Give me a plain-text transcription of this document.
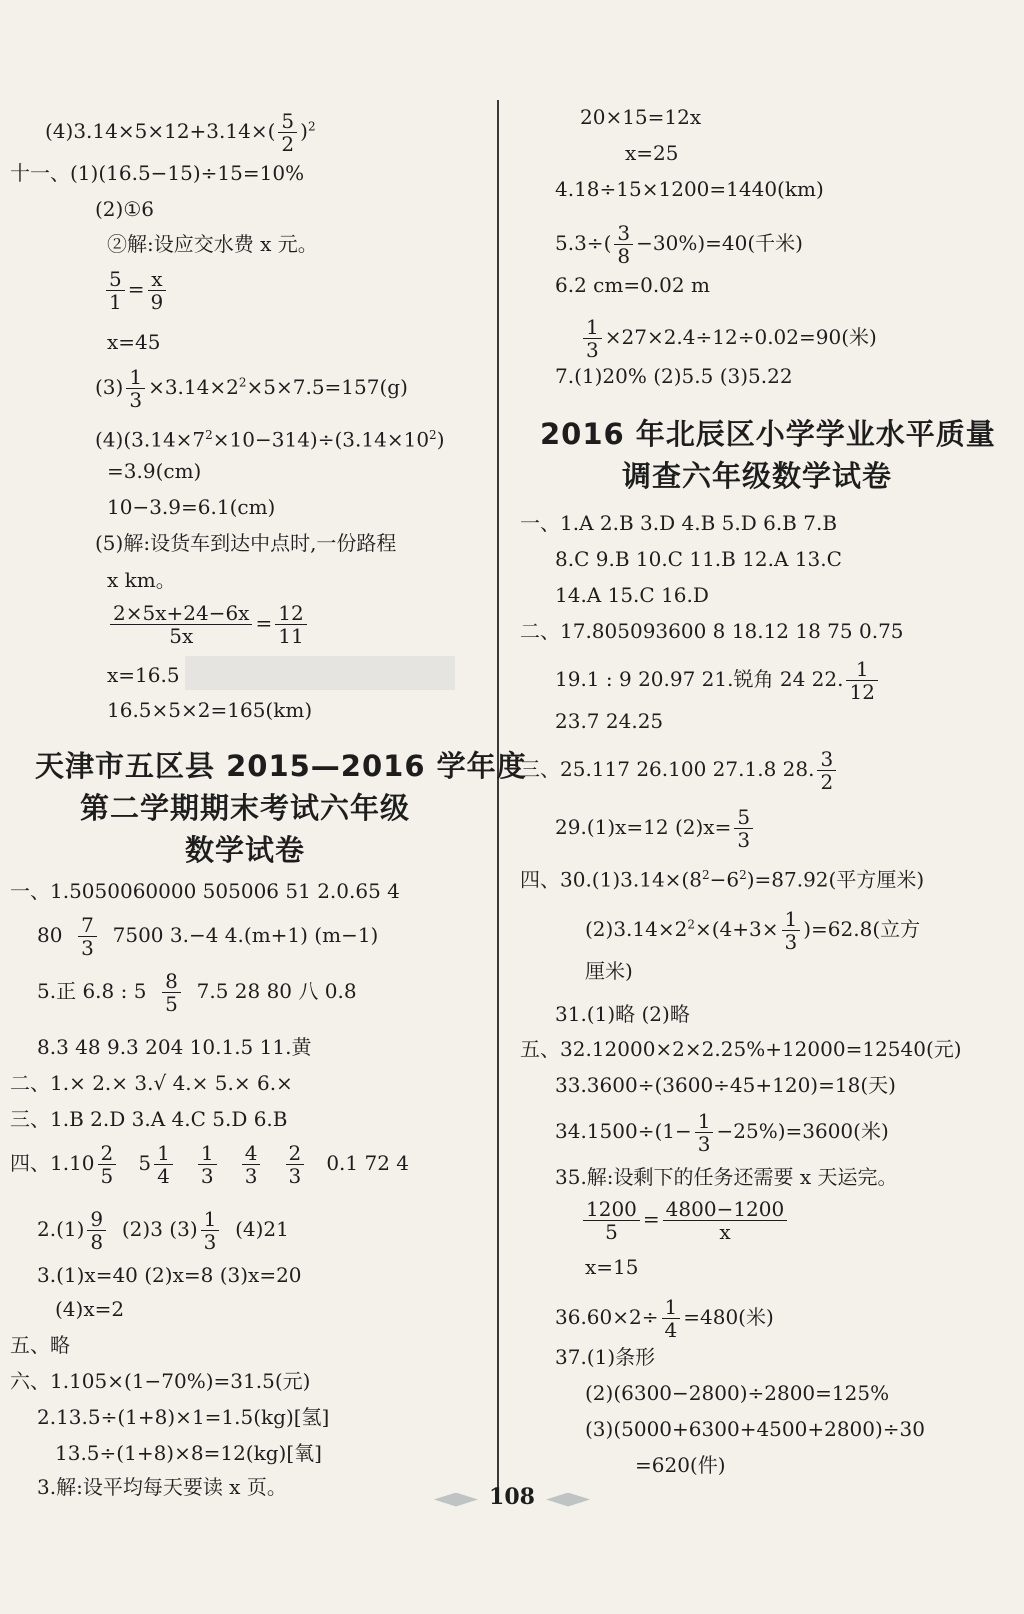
$(4)3.14\times 5\times 12+3.14\times( \frac{5}{2} )^2$
十一、(1)(16.5−15)÷15=10%
(2)①6
②解:设应交水费 x 元。
$\frac{5}{1} = \frac{x}{9}$
x=45
$(3) \frac{1}{3} \times 3.14\times 2^2\times 5\times 7.5=157(g)$
$(4)(3.14\times 7^2\times 10-314)\div(3.14\times 10^2)$
=3.9(cm)
10−3.9=6.1(cm)
(5)解:设货车到达中点时,一份路程
x km。
$\frac{2\times 5x+24-6x}{5x} = \frac{12}{11}$
x=16.5
16.5×5×2=165(km)
天津市五区县 2015—2016 学年度
第二学期期末考试六年级
数学试卷
一、1.5050060000 505006 51 2.0.65 4
$80 \frac{7}{3} 7500$ 3.−4 4.(m+1) (m−1)
5.正 6.8 : $5 \frac{8}{5} 7.5$ 28 80 八 0.8
8.3 48 9.3 204 10.1.5 11.黄
二、1.× 2.× 3.√ 4.× 5.× 6.×
三、1.B 2.D 3.A 4.C 5.D 6.B
四、$1.10 \frac{2}{5} 5 \frac{1}{4}$
$\frac{1}{3}$
$\frac{4}{3}$
$\frac{2}{3} 0.1$ 72 4
$2.(1) \frac{9}{8} (2)3$ $(3) \frac{1}{3} (4)21$
3.(1)x=40 (2)x=8 (3)x=20
(4)x=2
五、略
六、1.105×(1−70%)=31.5(元)
2.13.5÷(1+8)×1=1.5(kg)[氢]
13.5÷(1+8)×8=12(kg)[氧]
3.解:设平均每天要读 x 页。
20×15=12x
x=25
4.18÷15×1200=1440(km)
$5.3\div( \frac{3}{8} -30\%)=40$(千米)
6.2 cm=0.02 m
$\frac{1}{3} \times 27\times 2.4\div 12\div 0.02=90$(米)
7.(1)20% (2)5.5 (3)5.22
2016 年北辰区小学学业水平质量
调查六年级数学试卷
一、1.A 2.B 3.D 4.B 5.D 6.B 7.B
8.C 9.B 10.C 11.B 12.A 13.C
14.A 15.C 16.D
二、17.805093600 8 18.12 18 75 0.75
19.1 : 9 20.97 21.锐角 24 22. $\frac{1}{12}$
23.7 24.25
三、25.117 26.100 27.1.8 28. $\frac{3}{2}$
29.(1)x=12 $(2)x= \frac{5}{3}$
四、$30.(1)3.14\times(8^2-6^2)=87.92$(平方厘米)
$(2)3.14\times 2^2\times(4+3\times \frac{1}{3} )=62.8$(立方
厘米)
31.(1)略 (2)略
五、32.12000×2×2.25%+12000=12540(元)
33.3600÷(3600÷45+120)=18(天)
$34.1500\div(1- \frac{1}{3} -25\%)=3600$(米)
35.解:设剩下的任务还需要 x 天运完。
$\frac{1200}{5} = \frac{4800-1200}{x}$
x=15
$36.60\times 2\div \frac{1}{4} =480$(米)
37.(1)条形
(2)(6300−2800)÷2800=125%
(3)(5000+6300+4500+2800)÷30
=620(件)
108
